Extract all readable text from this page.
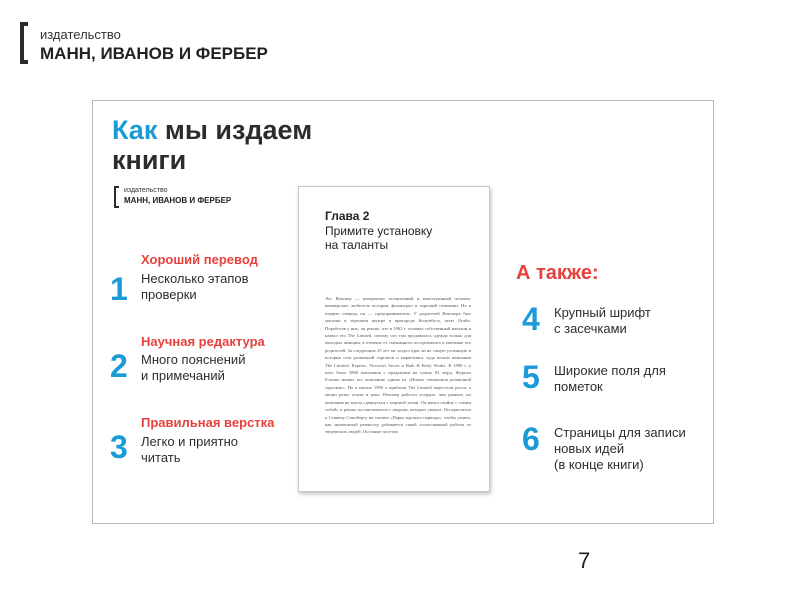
издательство
МАНН, ИВАНОВ И ФЕРБЕР
Как мы издаем
книги
издательство
МАНН, ИВАНОВ И ФЕРБЕР
1
Хороший перевод
Несколько этапов
проверки
2
Научная редактура
Много пояснений
и примечаний
3
Правильная верстка
Легко и приятно
читать
Глава 2
Примите установку
на таланты
Лес Векснер — невероятно талантливый и многогранный человек: коммерсант, любитель истории, филантроп и хороший семьянин. Но в первую очередь он — предприниматель. У родителей Векснера был магазин в торговом центре в пригороде Колумбуса, штат Огайо. Поработав у них, он решил, что в 1963 г. основал собственный магазин и назвал его The Limited, потому что там продавалась одежда только для молодых женщин, в отличие от смешанного ассортимента в магазине его родителей. За следующие 25 лет он создал едва ли не самую успешную в истории сеть розничной торговли и маркетинга, куда вошли компании The Limited, Express, Victoria's Secret и Bath & Body Works. К 1990 г. у него было 3800 магазинов с продажами на сумму 83 млрд. Журнал Fortune назвал его компанию одним из «Новых чемпионов розничной торговли». Но в начале 1990 х прибыли The Limited перестали расти, а акции резко упали в цене. Векснер работал усердно, чем раньше, но компания не могла сдвинуться с мертвой точки. Он начал «войну с самим собой» и решил посоветоваться с людьми, которых уважал. Он пригласил к Стивену Спилбергу на съемки «Парка юрского периода», чтобы узнать, как знаменитый режиссер добивается такой согласованной работы от творческих людей. Он также посетил
А также:
4 Крупный шрифт
с засечками
5 Широкие поля для
пометок
6 Страницы для записи
новых идей
(в конце книги)
7
